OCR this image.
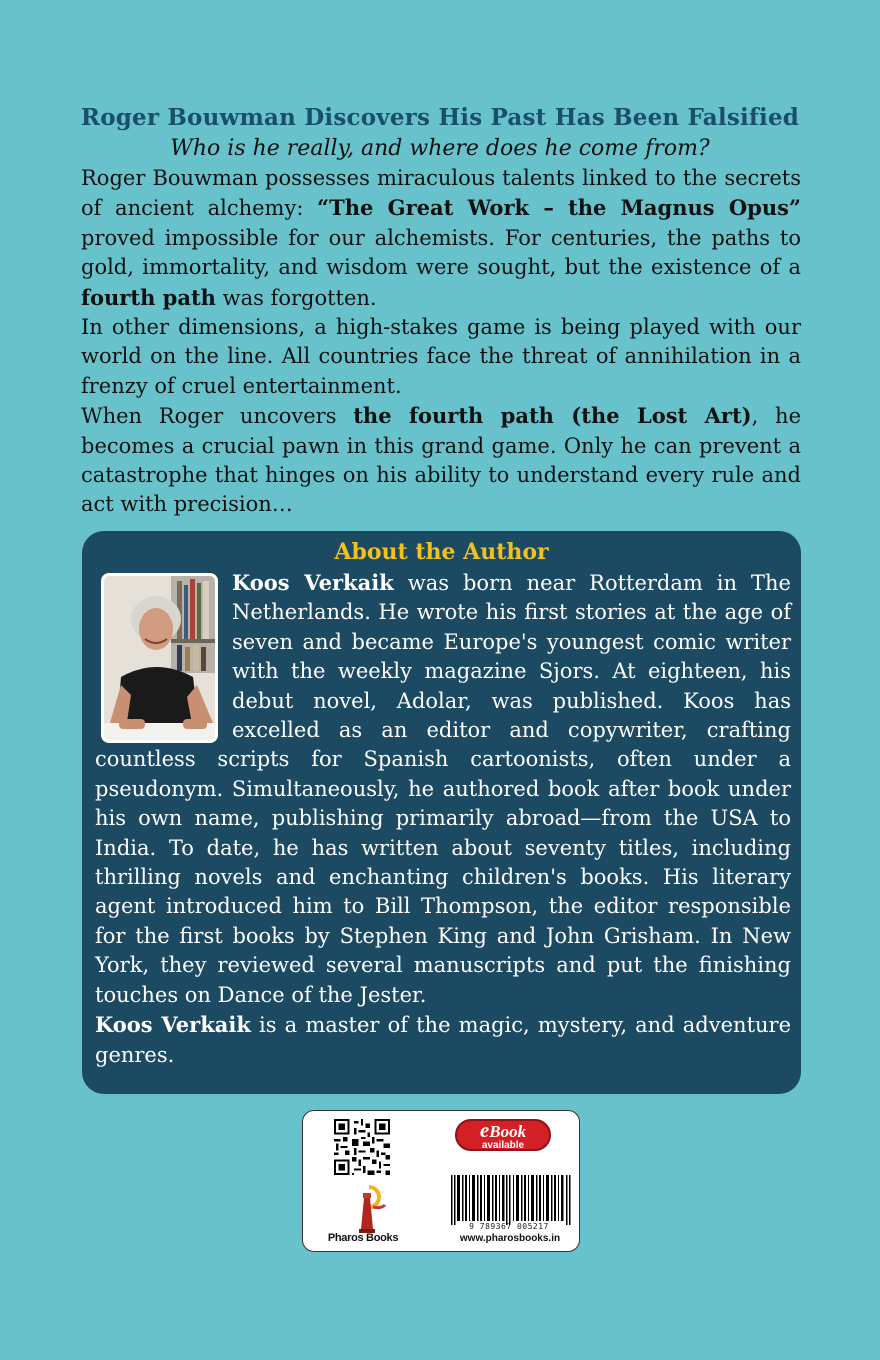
Roger Bouwman Discovers His Past Has Been Falsified
Who is he really, and where does he come from?

Roger Bouwman possesses miraculous talents linked to the secrets of ancient alchemy: “The Great Work – the Magnus Opus” proved impossible for our alchemists. For centuries, the paths to gold, immortality, and wisdom were sought, but the existence of a fourth path was forgotten.

In other dimensions, a high-stakes game is being played with our world on the line. All countries face the threat of annihilation in a frenzy of cruel entertainment.

When Roger uncovers the fourth path (the Lost Art), he becomes a crucial pawn in this grand game. Only he can prevent a catastrophe that hinges on his ability to understand every rule and act with precision…

About the Author

Koos Verkaik was born near Rotterdam in The Netherlands. He wrote his first stories at the age of seven and became Europe's youngest comic writer with the weekly magazine Sjors. At eighteen, his debut novel, Adolar, was published. Koos has excelled as an editor and copywriter, crafting countless scripts for Spanish cartoonists, often under a pseudonym. Simultaneously, he authored book after book under his own name, publishing primarily abroad—from the USA to India. To date, he has written about seventy titles, including thrilling novels and enchanting children's books. His literary agent introduced him to Bill Thompson, the editor responsible for the first books by Stephen King and John Grisham. In New York, they reviewed several manuscripts and put the finishing touches on Dance of the Jester.

Koos Verkaik is a master of the magic, mystery, and adventure genres.

eBook
available
Pharos Books
9 789367 005217
www.pharosbooks.in
